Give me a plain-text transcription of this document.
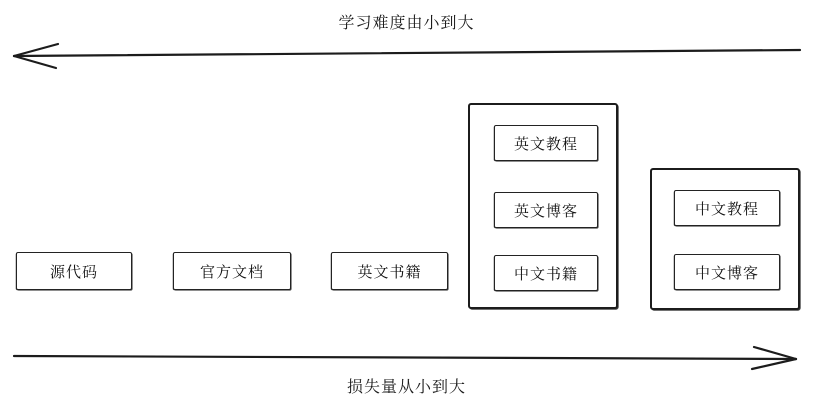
学习难度由小到大
损失量从小到大
源代码	官方文档	英文书籍
英文教程
英文博客
中文书籍
中文教程
中文博客
